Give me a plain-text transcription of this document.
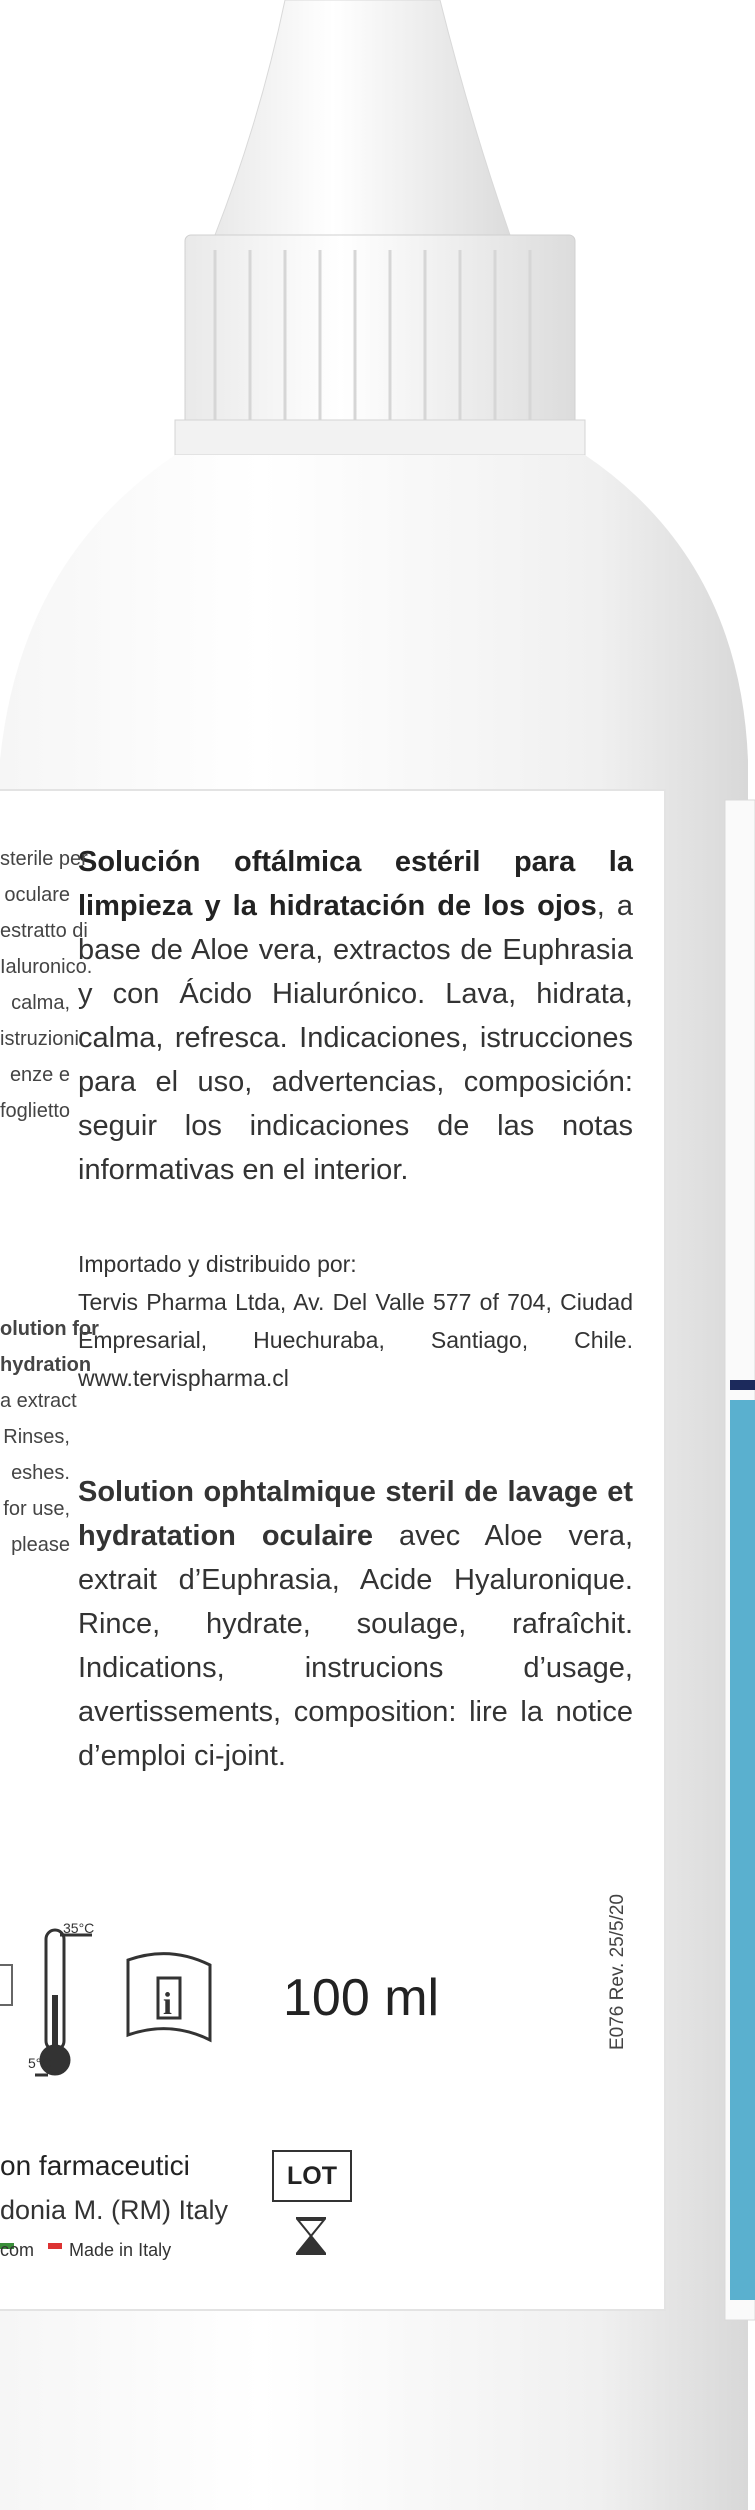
i
Solución oftálmica estéril para la limpieza y la hidratación de los ojos, a base de Aloe vera, extractos de Euphrasia y con Ácido Hialurónico. Lava, hidrata, calma, refresca. Indicaciones, istrucciones para el uso, advertencias, composición: seguir los indicaciones de las notas informativas en el interior.
Importado y distribuido por:
Tervis Pharma Ltda, Av. Del Valle 577 of 704, Ciudad Empresarial, Huechuraba, Santiago, Chile. www.tervispharma.cl
Solution ophtalmique steril de lavage et hydratation oculaire avec Aloe vera, extrait d’Euphrasia, Acide Hyaluronique. Rince, hydrate, soulage, rafraîchit. Indications, instrucions d’usage, avertissements, composition: lire la notice d’emploi ci-joint.
sterile per
oculare
estratto di
Ialuronico.
calma,
istruzioni
enze e
foglietto
olution for
hydration
a extract
Rinses,
eshes.
for use,
please
100 ml	E076 Rev. 25/5/20
35°C
5°C
LOT
on farmaceutici
donia M. (RM) Italy
com Made in Italy
